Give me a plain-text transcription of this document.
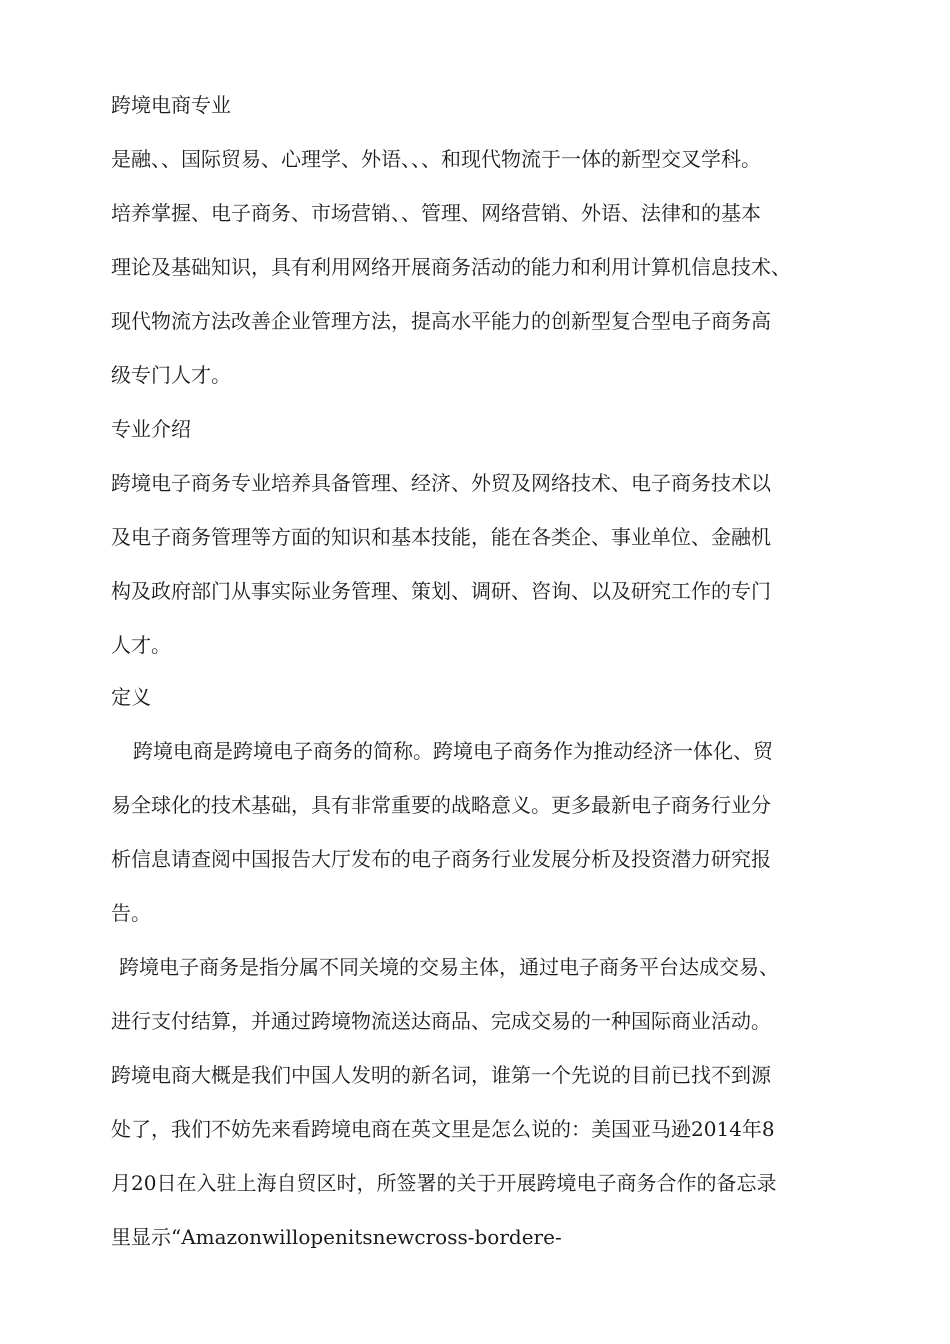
跨境电商专业
是融、、国际贸易、心理学、外语、、、和现代物流于一体的新型交叉学科。
培养掌握、电子商务、市场营销、、管理、网络营销、外语、法律和的基本
理论及基础知识，具有利用网络开展商务活动的能力和利用计算机信息技术、
现代物流方法改善企业管理方法，提高水平能力的创新型复合型电子商务高
级专门人才。
专业介绍
跨境电子商务专业培养具备管理、经济、外贸及网络技术、电子商务技术以
及电子商务管理等方面的知识和基本技能，能在各类企、事业单位、金融机
构及政府部门从事实际业务管理、策划、调研、咨询、以及研究工作的专门
人才。
定义
跨境电商是跨境电子商务的简称。跨境电子商务作为推动经济一体化、贸
易全球化的技术基础，具有非常重要的战略意义。更多最新电子商务行业分
析信息请查阅中国报告大厅发布的电子商务行业发展分析及投资潜力研究报
告。
跨境电子商务是指分属不同关境的交易主体，通过电子商务平台达成交易、
进行支付结算，并通过跨境物流送达商品、完成交易的一种国际商业活动。
跨境电商大概是我们中国人发明的新名词，谁第一个先说的目前已找不到源
处了，我们不妨先来看跨境电商在英文里是怎么说的：美国亚马逊2014年8
月20日在入驻上海自贸区时，所签署的关于开展跨境电子商务合作的备忘录
里显示“Amazonwillopenitsnewcross-bordere-
